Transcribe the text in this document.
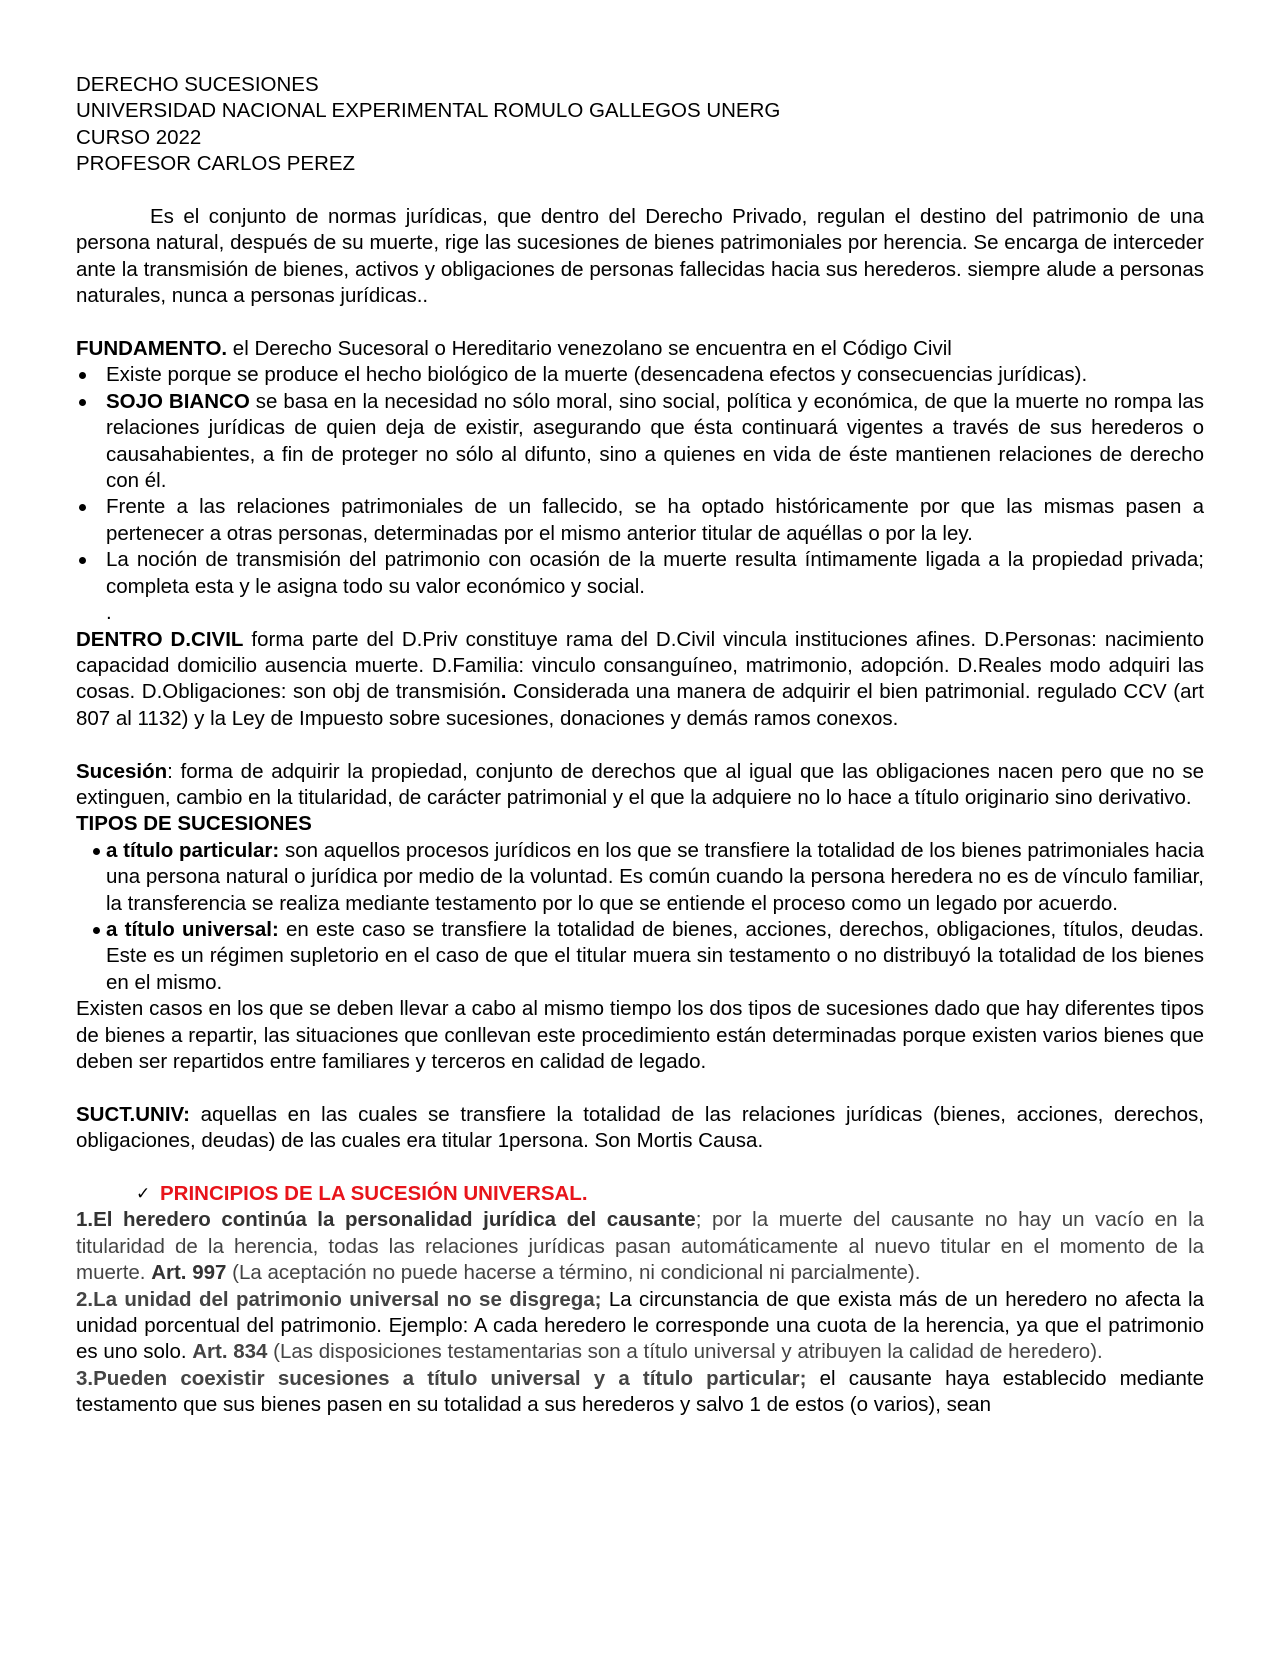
DERECHO SUCESIONES
UNIVERSIDAD NACIONAL EXPERIMENTAL ROMULO GALLEGOS UNERG
CURSO 2022
PROFESOR CARLOS PEREZ

Es el conjunto de normas jurídicas, que dentro del Derecho Privado, regulan el destino del patrimonio de una persona natural, después de su muerte, rige las sucesiones de bienes patrimoniales por herencia. Se encarga de interceder ante la transmisión de bienes, activos y obligaciones de personas fallecidas hacia sus herederos. siempre alude a personas naturales, nunca a personas jurídicas..

FUNDAMENTO. el Derecho Sucesoral o Hereditario venezolano se encuentra en el Código Civil

Existe porque se produce el hecho biológico de la muerte (desencadena efectos y consecuencias jurídicas).
SOJO BIANCO se basa en la necesidad no sólo moral, sino social, política y económica, de que la muerte no rompa las relaciones jurídicas de quien deja de existir, asegurando que ésta continuará vigentes a través de sus herederos o causahabientes, a fin de proteger no sólo al difunto, sino a quienes en vida de éste mantienen relaciones de derecho con él.
Frente a las relaciones patrimoniales de un fallecido, se ha optado históricamente por que las mismas pasen a pertenecer a otras personas, determinadas por el mismo anterior titular de aquéllas o por la ley.
La noción de transmisión del patrimonio con ocasión de la muerte resulta íntimamente ligada a la propiedad privada; completa esta y le asigna todo su valor económico y social.
.

DENTRO D.CIVIL forma parte del D.Priv constituye rama del D.Civil vincula instituciones afines. D.Personas: nacimiento capacidad domicilio ausencia muerte. D.Familia: vinculo consanguíneo, matrimonio, adopción. D.Reales modo adquiri las cosas. D.Obligaciones: son obj de transmisión. Considerada una manera de adquirir el bien patrimonial. regulado CCV (art 807 al 1132) y la Ley de Impuesto sobre sucesiones, donaciones y demás ramos conexos.

Sucesión: forma de adquirir la propiedad, conjunto de derechos que al igual que las obligaciones nacen pero que no se extinguen, cambio en la titularidad, de carácter patrimonial y el que la adquiere no lo hace a título originario sino derivativo.

TIPOS DE SUCESIONES

a título particular: son aquellos procesos jurídicos en los que se transfiere la totalidad de los bienes patrimoniales hacia una persona natural o jurídica por medio de la voluntad. Es común cuando la persona heredera no es de vínculo familiar, la transferencia se realiza mediante testamento por lo que se entiende el proceso como un legado por acuerdo.
a título universal: en este caso se transfiere la totalidad de bienes, acciones, derechos, obligaciones, títulos, deudas. Este es un régimen supletorio en el caso de que el titular muera sin testamento o no distribuyó la totalidad de los bienes en el mismo.

Existen casos en los que se deben llevar a cabo al mismo tiempo los dos tipos de sucesiones dado que hay diferentes tipos de bienes a repartir, las situaciones que conllevan este procedimiento están determinadas porque existen varios bienes que deben ser repartidos entre familiares y terceros en calidad de legado.

SUCT.UNIV: aquellas en las cuales se transfiere la totalidad de las relaciones jurídicas (bienes, acciones, derechos, obligaciones, deudas) de las cuales era titular 1persona. Son Mortis Causa.

✓ PRINCIPIOS DE LA SUCESIÓN UNIVERSAL.

1.El heredero continúa la personalidad jurídica del causante; por la muerte del causante no hay un vacío en la titularidad de la herencia, todas las relaciones jurídicas pasan automáticamente al nuevo titular en el momento de la muerte. Art. 997 (La aceptación no puede hacerse a término, ni condicional ni parcialmente).

2.La unidad del patrimonio universal no se disgrega; La circunstancia de que exista más de un heredero no afecta la unidad porcentual del patrimonio. Ejemplo: A cada heredero le corresponde una cuota de la herencia, ya que el patrimonio es uno solo. Art. 834 (Las disposiciones testamentarias son a título universal y atribuyen la calidad de heredero).

3.Pueden coexistir sucesiones a título universal y a título particular; el causante haya establecido mediante testamento que sus bienes pasen en su totalidad a sus herederos y salvo 1 de estos (o varios), sean
